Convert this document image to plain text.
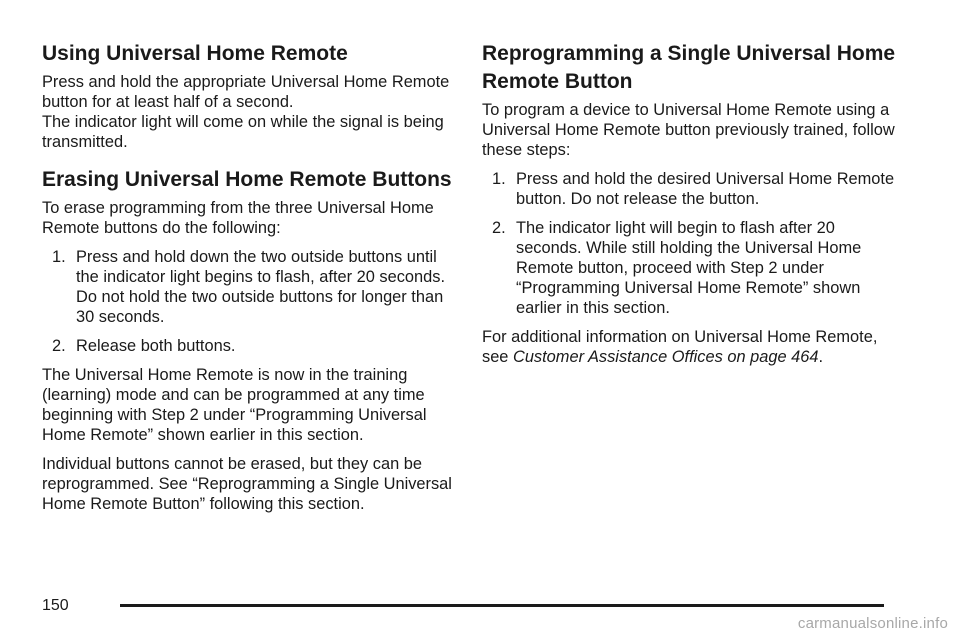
Using Universal Home Remote

Press and hold the appropriate Universal Home Remote button for at least half of a second.

The indicator light will come on while the signal is being transmitted.

Erasing Universal Home Remote Buttons

To erase programming from the three Universal Home Remote buttons do the following:

1. Press and hold down the two outside buttons until the indicator light begins to flash, after 20 seconds. Do not hold the two outside buttons for longer than 30 seconds.
2. Release both buttons.

The Universal Home Remote is now in the training (learning) mode and can be programmed at any time beginning with Step 2 under “Programming Universal Home Remote” shown earlier in this section.

Individual buttons cannot be erased, but they can be reprogrammed. See “Reprogramming a Single Universal Home Remote Button” following this section.

Reprogramming a Single Universal Home Remote Button

To program a device to Universal Home Remote using a Universal Home Remote button previously trained, follow these steps:

1. Press and hold the desired Universal Home Remote button. Do not release the button.
2. The indicator light will begin to flash after 20 seconds. While still holding the Universal Home Remote button, proceed with Step 2 under “Programming Universal Home Remote” shown earlier in this section.

For additional information on Universal Home Remote, see Customer Assistance Offices on page 464.

150
carmanualsonline.info
